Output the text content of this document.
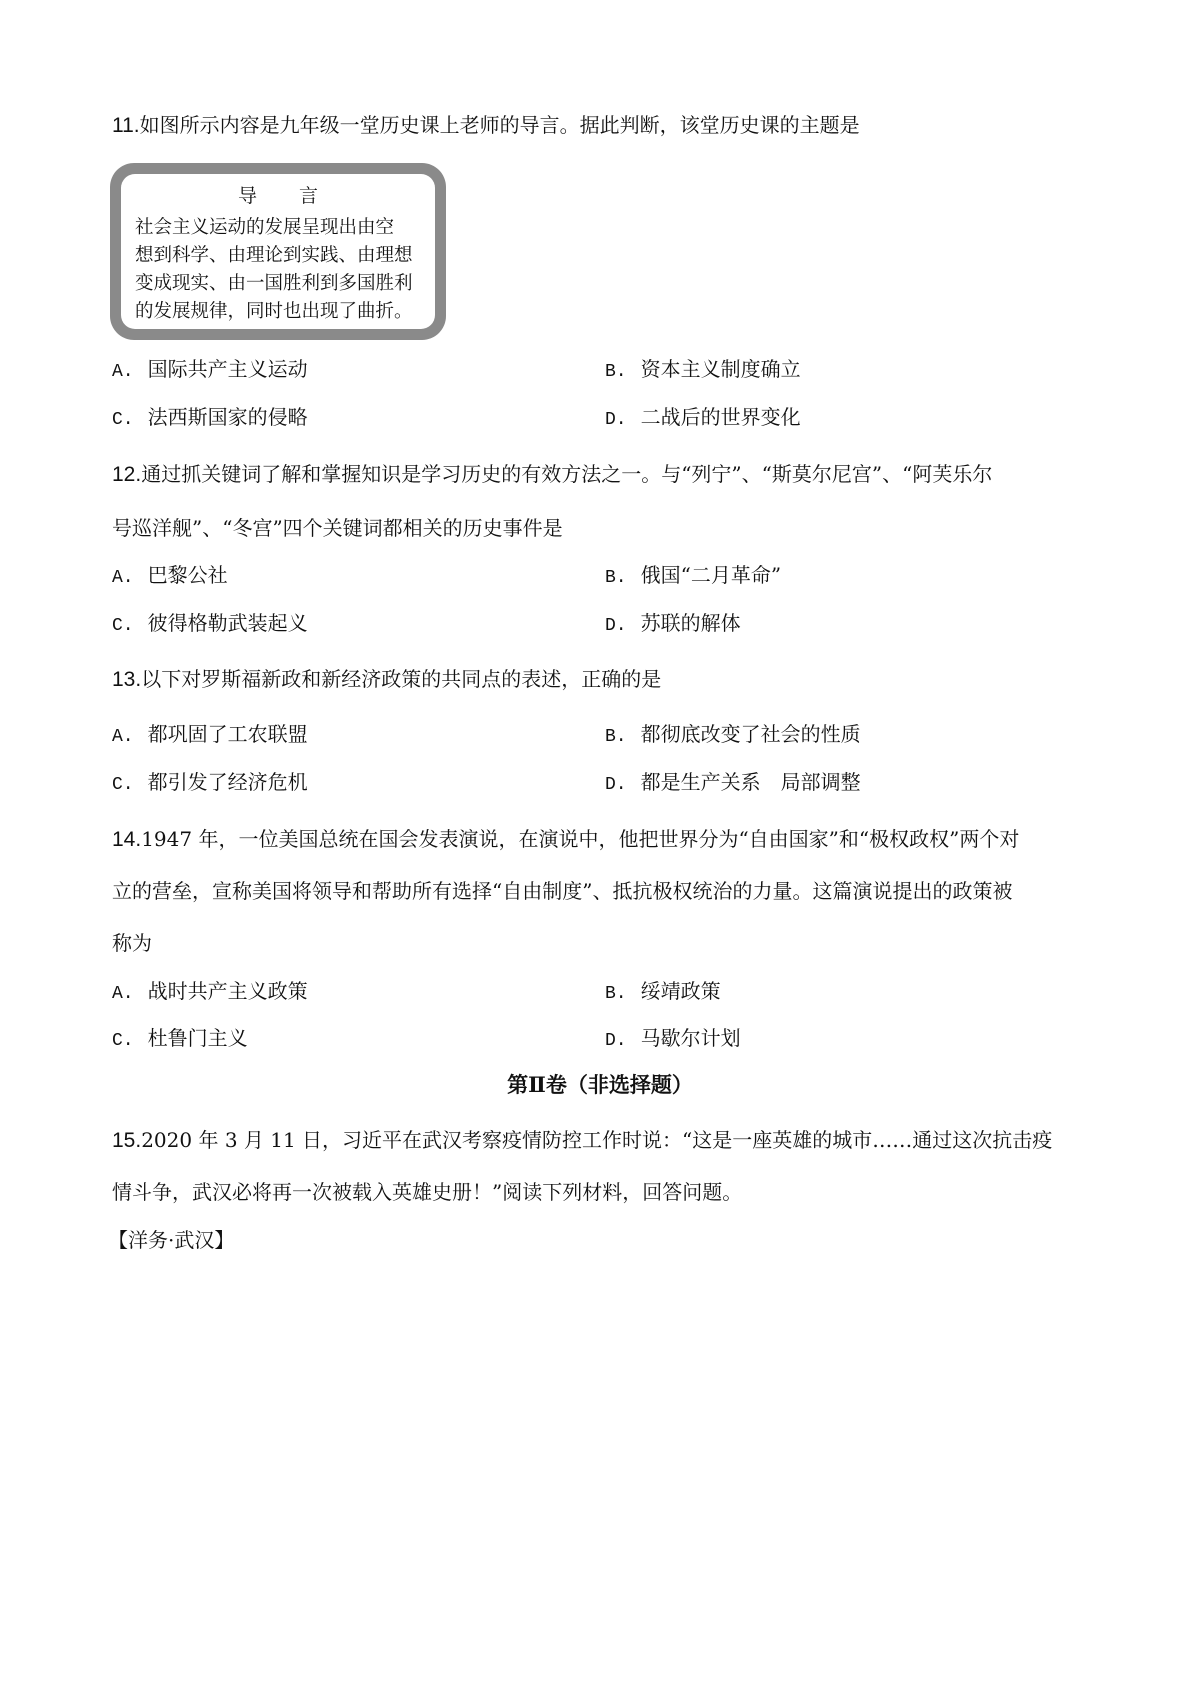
11.如图所示内容是九年级一堂历史课上老师的导言。据此判断，该堂历史课的主题是
导 言
社会主义运动的发展呈现出由空
想到科学、由理论到实践、由理想
变成现实、由一国胜利到多国胜利
的发展规律，同时也出现了曲折。
A. 国际共产主义运动	B. 资本主义制度确立
C. 法西斯国家的侵略	D. 二战后的世界变化
12.通过抓关键词了解和掌握知识是学习历史的有效方法之一。与“列宁”、“斯莫尔尼宫”、“阿芙乐尔
号巡洋舰”、“冬宫”四个关键词都相关的历史事件是
A. 巴黎公社	B. 俄国“二月革命”
C. 彼得格勒武装起义	D. 苏联的解体
13.以下对罗斯福新政和新经济政策的共同点的表述，正确的是
A. 都巩固了工农联盟	B. 都彻底改变了社会的性质
C. 都引发了经济危机	D. 都是生产关系　局部调整
14.1947 年，一位美国总统在国会发表演说，在演说中，他把世界分为“自由国家”和“极权政权”两个对
立的营垒，宣称美国将领导和帮助所有选择“自由制度”、抵抗极权统治的力量。这篇演说提出的政策被
称为
A. 战时共产主义政策	B. 绥靖政策
C. 杜鲁门主义	D. 马歇尔计划
第Ⅱ卷（非选择题）
15.2020 年 3 月 11 日，习近平在武汉考察疫情防控工作时说：“这是一座英雄的城市……通过这次抗击疫
情斗争，武汉必将再一次被载入英雄史册！”阅读下列材料，回答问题。
【洋务·武汉】
